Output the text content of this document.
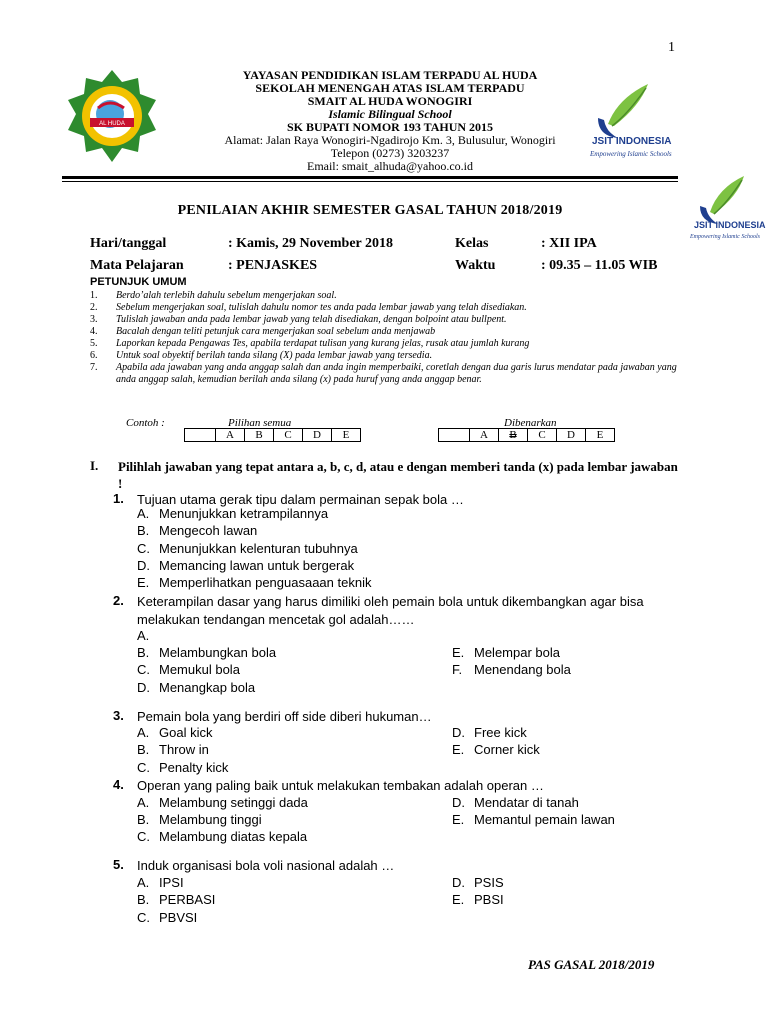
1
AL HUDA
YAYASAN PENDIDIKAN ISLAM TERPADU AL HUDA
SEKOLAH MENENGAH ATAS ISLAM TERPADU
SMAIT AL HUDA WONOGIRI
Islamic Bilingual School
SK BUPATI NOMOR 193 TAHUN 2015
Alamat: Jalan Raya Wonogiri-Ngadirojo Km. 3, Bulusulur, Wonogiri
Telepon (0273) 3203237
Email: smait_alhuda@yahoo.co.id
JSIT INDONESIA
Empowering Islamic Schools
JSIT INDONESIA
Empowering Islamic Schools
PENILAIAN AKHIR SEMESTER GASAL TAHUN 2018/2019
Hari/tanggal	: Kamis, 29 November 2018	Kelas	: XII IPA
Mata Pelajaran	: PENJASKES	Waktu	: 09.35 – 11.05 WIB
PETUNJUK UMUM
1. Berdo’alah terlebih dahulu sebelum mengerjakan soal.
2. Sebelum mengerjakan soal, tulislah dahulu nomor tes anda pada lembar jawab yang telah disediakan.
3. Tulislah jawaban anda pada lembar jawab yang telah disediakan, dengan bolpoint atau bullpent.
4. Bacalah dengan teliti petunjuk cara mengerjakan soal sebelum anda menjawab
5. Laporkan kepada Pengawas Tes, apabila terdapat tulisan yang kurang jelas, rusak atau jumlah kurang
6. Untuk soal obyektif berilah tanda silang (X) pada lembar jawab yang tersedia.
7. Apabila ada jawaban yang anda anggap salah dan anda ingin memperbaiki, coretlah dengan dua garis lurus mendatar pada jawaban yang anda anggap salah, kemudian berilah anda silang (x) pada huruf yang anda anggap benar.
Contoh :	Pilihan semua	Dibenarkan
	A	B	C	D	E
		A	B	C	D	E
I. Pilihlah jawaban yang tepat antara a, b, c, d, atau e dengan memberi tanda (x) pada lembar jawaban !
1. Tujuan utama gerak tipu dalam permainan sepak bola …
A. Menunjukkan ketrampilannya
B. Mengecoh lawan
C. Menunjukkan kelenturan tubuhnya
D. Memancing lawan untuk bergerak
E. Memperlihatkan penguasaaan teknik
2. Keterampilan dasar yang harus dimiliki oleh pemain bola untuk dikembangkan agar bisa
melakukan tendangan mencetak gol adalah……
A.
B. Melambungkan bola
C. Memukul bola
D. Menangkap bola
E. Melempar bola
F. Menendang bola
3. Pemain bola yang berdiri off side diberi hukuman…
A. Goal kick
B. Throw in
C. Penalty kick
D. Free kick
E. Corner kick
4. Operan yang paling baik untuk melakukan tembakan adalah operan …
A. Melambung setinggi dada
B. Melambung tinggi
C. Melambung diatas kepala
D. Mendatar di tanah
E. Memantul pemain lawan
5. Induk organisasi bola voli nasional adalah …
A. IPSI
B. PERBASI
C. PBVSI
D. PSIS
E. PBSI
PAS GASAL 2018/2019
